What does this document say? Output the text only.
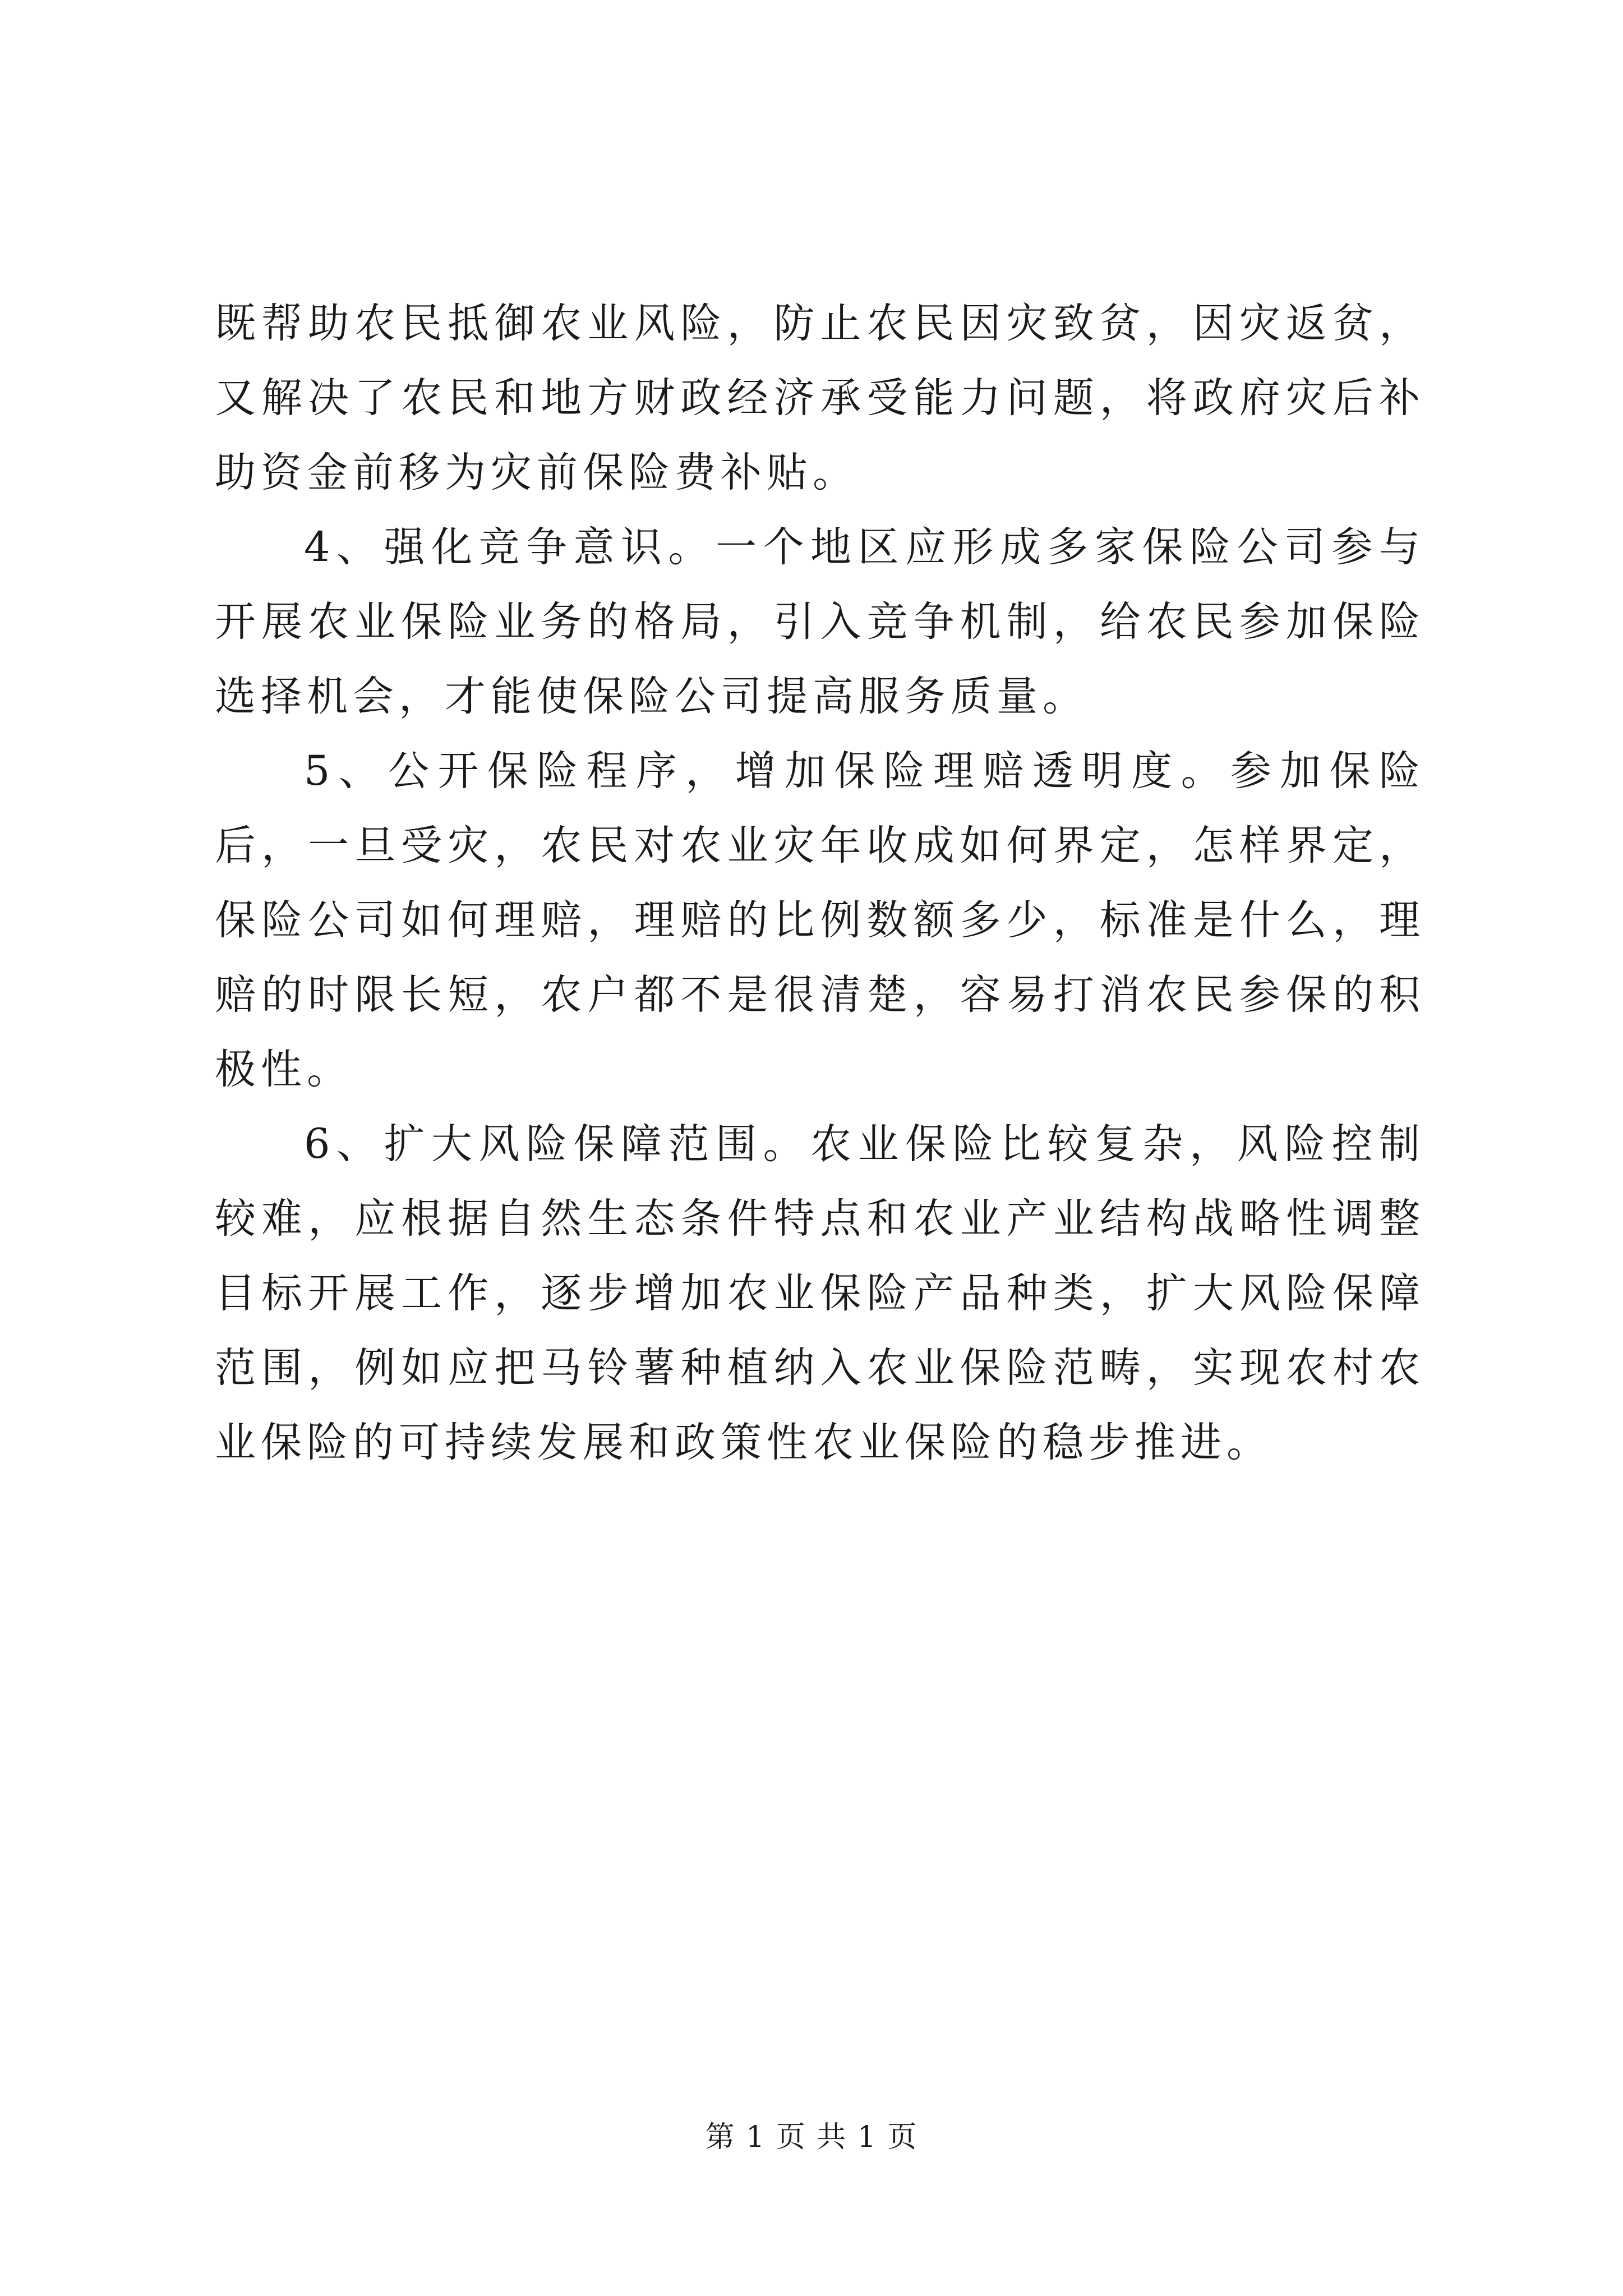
既帮助农民抵御农业风险，防止农民因灾致贫，因灾返贫，又解决了农民和地方财政经济承受能力问题，将政府灾后补助资金前移为灾前保险费补贴。

4、强化竞争意识。一个地区应形成多家保险公司参与开展农业保险业务的格局，引入竞争机制，给农民参加保险选择机会，才能使保险公司提高服务质量。

5、公开保险程序，增加保险理赔透明度。参加保险后，一旦受灾，农民对农业灾年收成如何界定，怎样界定，保险公司如何理赔，理赔的比例数额多少，标准是什么，理赔的时限长短，农户都不是很清楚，容易打消农民参保的积极性。

6、扩大风险保障范围。农业保险比较复杂，风险控制较难，应根据自然生态条件特点和农业产业结构战略性调整目标开展工作，逐步增加农业保险产品种类，扩大风险保障范围，例如应把马铃薯种植纳入农业保险范畴，实现农村农业保险的可持续发展和政策性农业保险的稳步推进。

第 1 页 共 1 页
